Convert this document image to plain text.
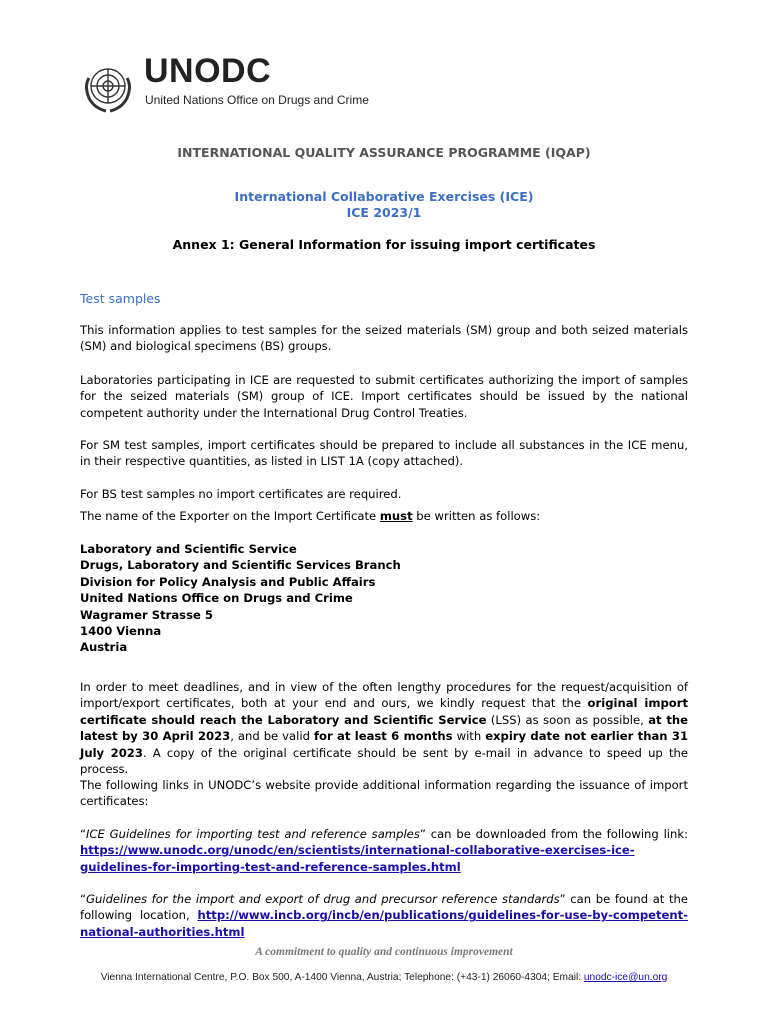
UNODC
United Nations Office on Drugs and Crime
INTERNATIONAL QUALITY ASSURANCE PROGRAMME (IQAP)
International Collaborative Exercises (ICE)
ICE 2023/1
Annex 1: General Information for issuing import certificates
Test samples
This information applies to test samples for the seized materials (SM) group and both seized materials (SM) and biological specimens (BS) groups.
Laboratories participating in ICE are requested to submit certificates authorizing the import of samples for the seized materials (SM) group of ICE. Import certificates should be issued by the national competent authority under the International Drug Control Treaties.
For SM test samples, import certificates should be prepared to include all substances in the ICE menu, in their respective quantities, as listed in LIST 1A (copy attached).
For BS test samples no import certificates are required.
The name of the Exporter on the Import Certificate must be written as follows:
Laboratory and Scientific Service
Drugs, Laboratory and Scientific Services Branch
Division for Policy Analysis and Public Affairs
United Nations Office on Drugs and Crime
Wagramer Strasse 5
1400 Vienna
Austria
In order to meet deadlines, and in view of the often lengthy procedures for the request/acquisition of import/export certificates, both at your end and ours, we kindly request that the original import certificate should reach the Laboratory and Scientific Service (LSS) as soon as possible, at the latest by 30 April 2023, and be valid for at least 6 months with expiry date not earlier than 31 July 2023. A copy of the original certificate should be sent by e-mail in advance to speed up the process.
The following links in UNODC’s website provide additional information regarding the issuance of import certificates:
“ICE Guidelines for importing test and reference samples” can be downloaded from the following link: https://www.unodc.org/unodc/en/scientists/international-collaborative-exercises-ice-guidelines-for-importing-test-and-reference-samples.html
“Guidelines for the import and export of drug and precursor reference standards” can be found at the following location, http://www.incb.org/incb/en/publications/guidelines-for-use-by-competent-national-authorities.html
A commitment to quality and continuous improvement
Vienna International Centre, P.O. Box 500, A-1400 Vienna, Austria; Telephone: (+43-1) 26060-4304; Email: unodc-ice@un.org
